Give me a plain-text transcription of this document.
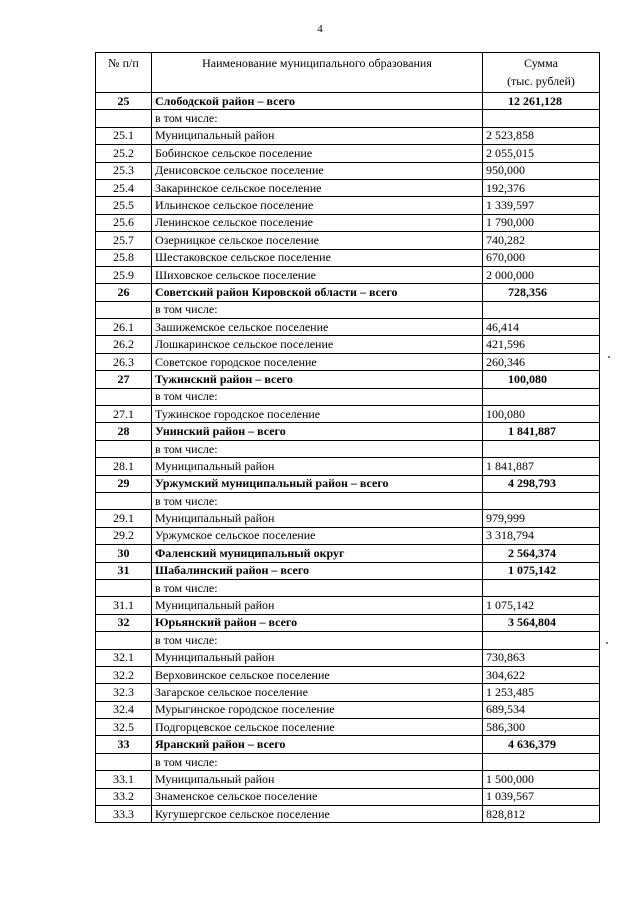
4
№ п/п	Наименование муниципального образования	Сумма
(тыс. рублей)
25	Слободской район – всего	12 261,128
	в том числе:	
25.1	Муниципальный район	2 523,858
25.2	Бобинское сельское поселение	2 055,015
25.3	Денисовское сельское поселение	950,000
25.4	Закаринское сельское поселение	192,376
25.5	Ильинское сельское поселение	1 339,597
25.6	Ленинское сельское поселение	1 790,000
25.7	Озерницкое сельское поселение	740,282
25.8	Шестаковское сельское поселение	670,000
25.9	Шиховское сельское поселение	2 000,000
26	Советский район Кировской области – всего	728,356
	в том числе:	
26.1	Зашижемское сельское поселение	46,414
26.2	Лошкаринское сельское поселение	421,596
26.3	Советское городское поселение	260,346
27	Тужинский район – всего	100,080
	в том числе:	
27.1	Тужинское городское поселение	100,080
28	Унинский район – всего	1 841,887
	в том числе:	
28.1	Муниципальный район	1 841,887
29	Уржумский муниципальный район – всего	4 298,793
	в том числе:	
29.1	Муниципальный район	979,999
29.2	Уржумское сельское поселение	3 318,794
30	Фаленский муниципальный округ	2 564,374
31	Шабалинский район – всего	1 075,142
	в том числе:	
31.1	Муниципальный район	1 075,142
32	Юрьянский район – всего	3 564,804
	в том числе:	
32.1	Муниципальный район	730,863
32.2	Верховинское сельское поселение	304,622
32.3	Загарское сельское поселение	1 253,485
32.4	Мурыгинское городское поселение	689,534
32.5	Подгорцевское сельское поселение	586,300
33	Яранский район – всего	4 636,379
	в том числе:	
33.1	Муниципальный район	1 500,000
33.2	Знаменское сельское поселение	1 039,567
33.3	Кугушергское сельское поселение	828,812
